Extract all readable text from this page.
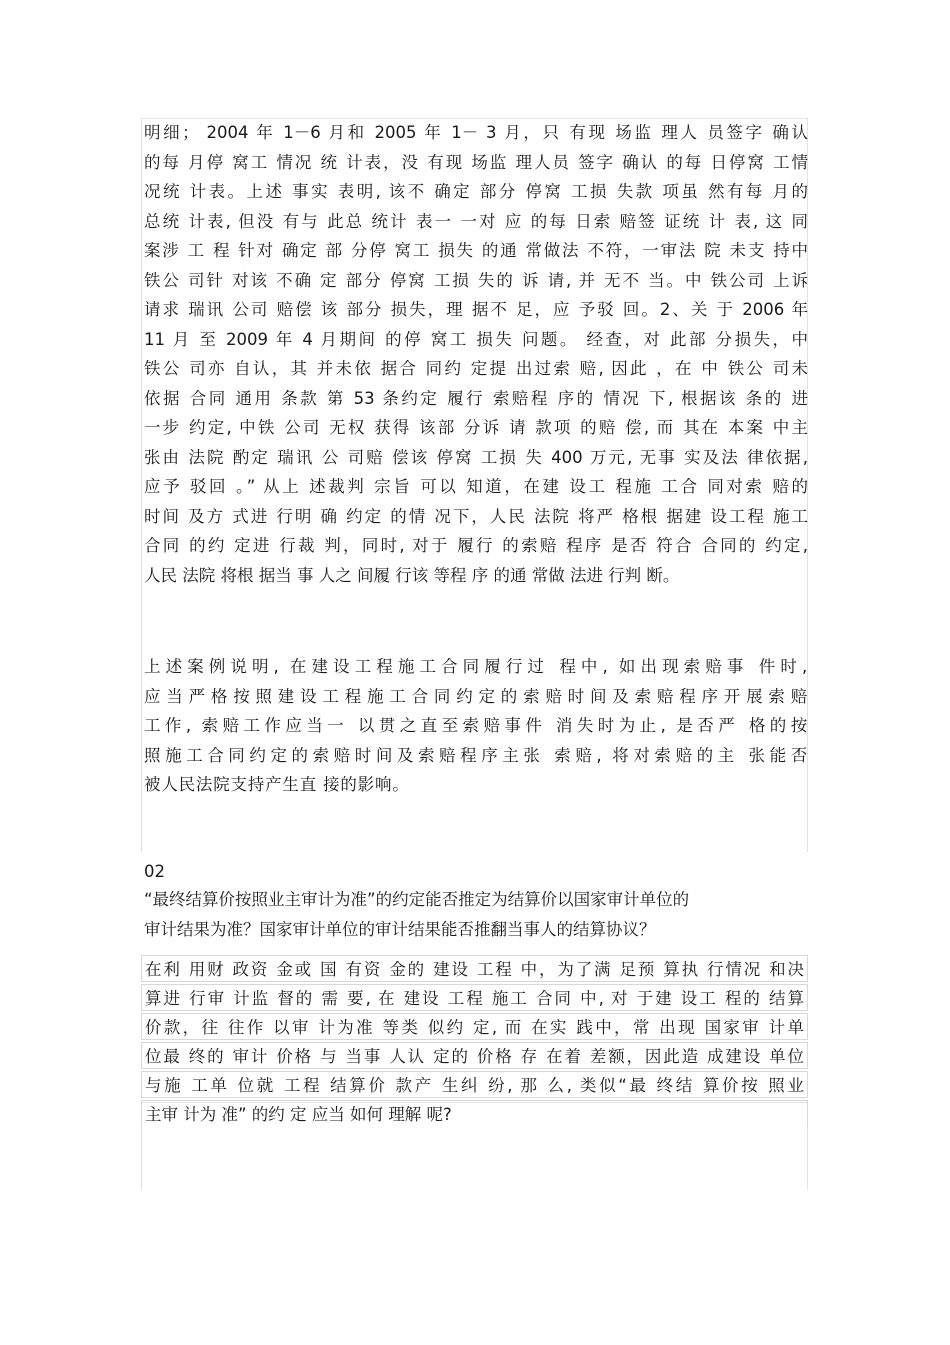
明细； 2004 年 1－6 月和 2005 年 1－ 3 月，只 有现 场监 理人 员签字 确认
的每 月停 窝工 情况 统 计表，没 有现 场监 理人员 签字 确认 的每 日停窝 工情
况统 计表。上述 事实 表明, 该不 确定 部分 停窝 工损 失款 项虽 然有每 月的
总统 计表, 但没 有与 此总 统计 表一 一对 应 的每 日索 赔签 证统 计 表, 这 同
案涉 工 程 针对 确定 部 分停 窝工 损失 的通 常做法 不符，一审法 院 未支 持中
铁公 司针 对该 不确 定 部分 停窝 工损 失的 诉 请, 并 无不 当。中 铁公司 上诉
请求 瑞讯 公司 赔偿 该 部分 损失，理 据不 足，应 予驳 回。2、关 于 2006 年
11 月 至 2009 年 4 月期间 的停 窝工 损失 问题。 经查，对 此部 分损失，中
铁公 司亦 自认，其 并未依 据合 同约 定提 出过索 赔, 因此 ，在 中 铁公 司未
依据 合同 通用 条款 第 53 条约定 履行 索赔程 序的 情况 下, 根据该 条的 进
一步 约定, 中铁 公司 无权 获得 该部 分诉 请 款项 的赔 偿, 而 其在 本案 中主
张由 法院 酌定 瑞讯 公 司赔 偿该 停窝 工损 失 400 万元, 无事 实及法 律依据,
应予 驳回 。” 从上 述裁判 宗旨 可以 知道，在建 设工 程施 工合 同对索 赔的
时间 及方 式进 行明 确 约定 的情 况下，人民 法院 将严 格根 据建 设工程 施工
合同 的约 定进 行裁 判，同时, 对于 履行 的索赔 程序 是否 符合 合同的 约定,
人民 法院 将根 据当 事 人之 间履 行该 等程 序 的通 常做 法进 行判 断。
上述案例说明, 在建设工程施工合同履行过 程中, 如出现索赔事 件时,
应当严格按照建设工程施工合同约定的索赔时间及索赔程序开展索赔
工作, 索赔工作应当一 以贯之直至索赔事件 消失时为止, 是否严 格的按
照施工合同约定的索赔时间及索赔程序主张 索赔, 将对索赔的主 张能否
被人民法院支持产生直 接的影响。
02
“最终结算价按照业主审计为准”的约定能否推定为结算价以国家审计单位的
审计结果为准？国家审计单位的审计结果能否推翻当事人的结算协议？
在利 用财 政资 金或 国 有资 金的 建设 工程 中，为了满 足预 算执 行情况 和决
算进 行审 计监 督的 需 要, 在 建设 工程 施工 合同 中, 对 于建 设工 程的 结算
价款，往 往作 以审 计为准 等类 似约 定, 而 在实 践中，常 出现 国家审 计单
位最 终的 审计 价格 与 当事 人认 定的 价格 存 在着 差额，因此造 成建设 单位
与施 工单 位就 工程 结算价 款产 生纠 纷, 那 么, 类似“最 终结 算价按 照业
主审 计为 准” 的约 定 应当 如何 理解 呢?
